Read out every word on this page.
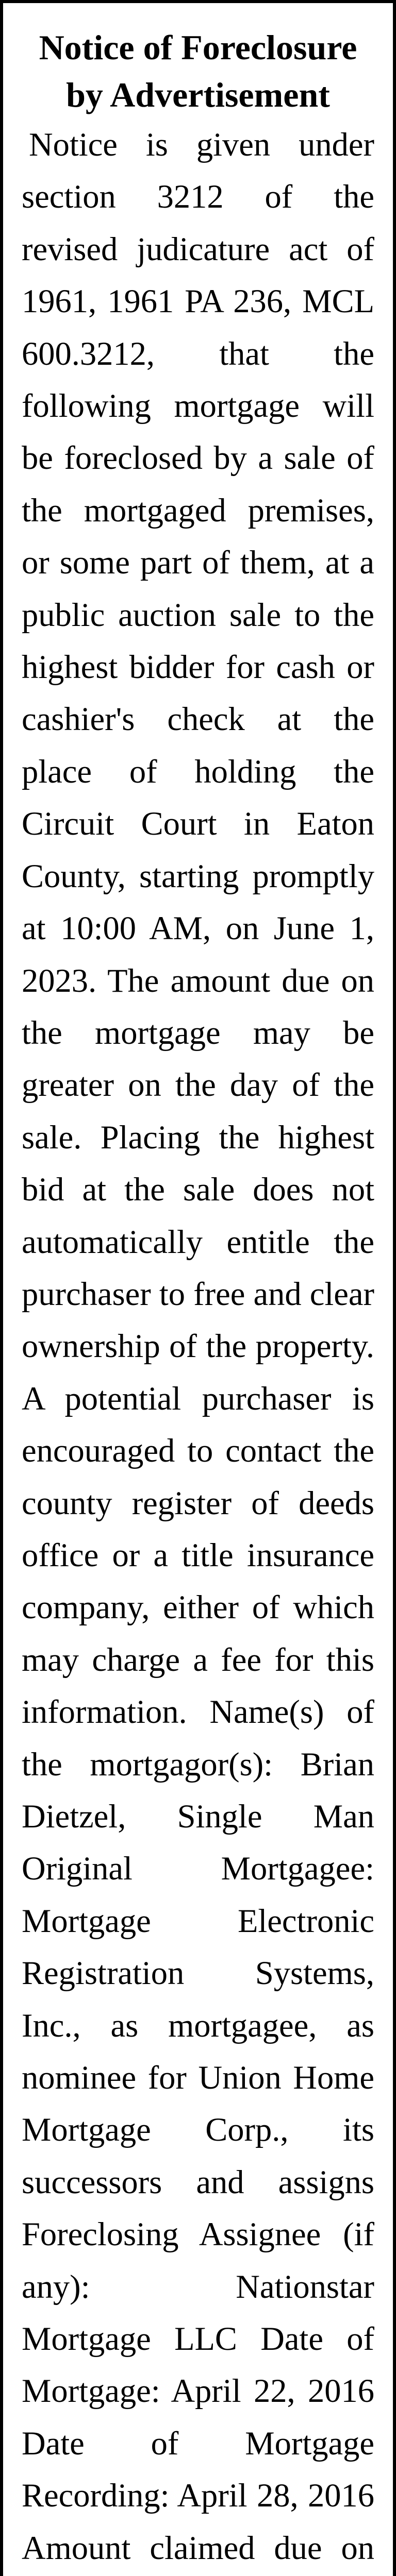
Notice of Foreclosure by Advertisement

Notice is given under section 3212 of the revised judicature act of 1961, 1961 PA 236, MCL 600.3212, that the following mortgage will be foreclosed by a sale of the mortgaged premises, or some part of them, at a public auction sale to the highest bidder for cash or cashier's check at the place of holding the Circuit Court in Eaton County, starting promptly at 10:00 AM, on June 1, 2023. The amount due on the mortgage may be greater on the day of the sale. Placing the highest bid at the sale does not automatically entitle the purchaser to free and clear ownership of the property. A potential purchaser is encouraged to contact the county register of deeds office or a title insurance company, either of which may charge a fee for this information. Name(s) of the mortgagor(s): Brian Dietzel, Single Man Original Mortgagee: Mortgage Electronic Registration Systems, Inc., as mortgagee, as nominee for Union Home Mortgage Corp., its successors and assigns Foreclosing Assignee (if any): Nationstar Mortgage LLC Date of Mortgage: April 22, 2016 Date of Mortgage Recording: April 28, 2016 Amount claimed due on
